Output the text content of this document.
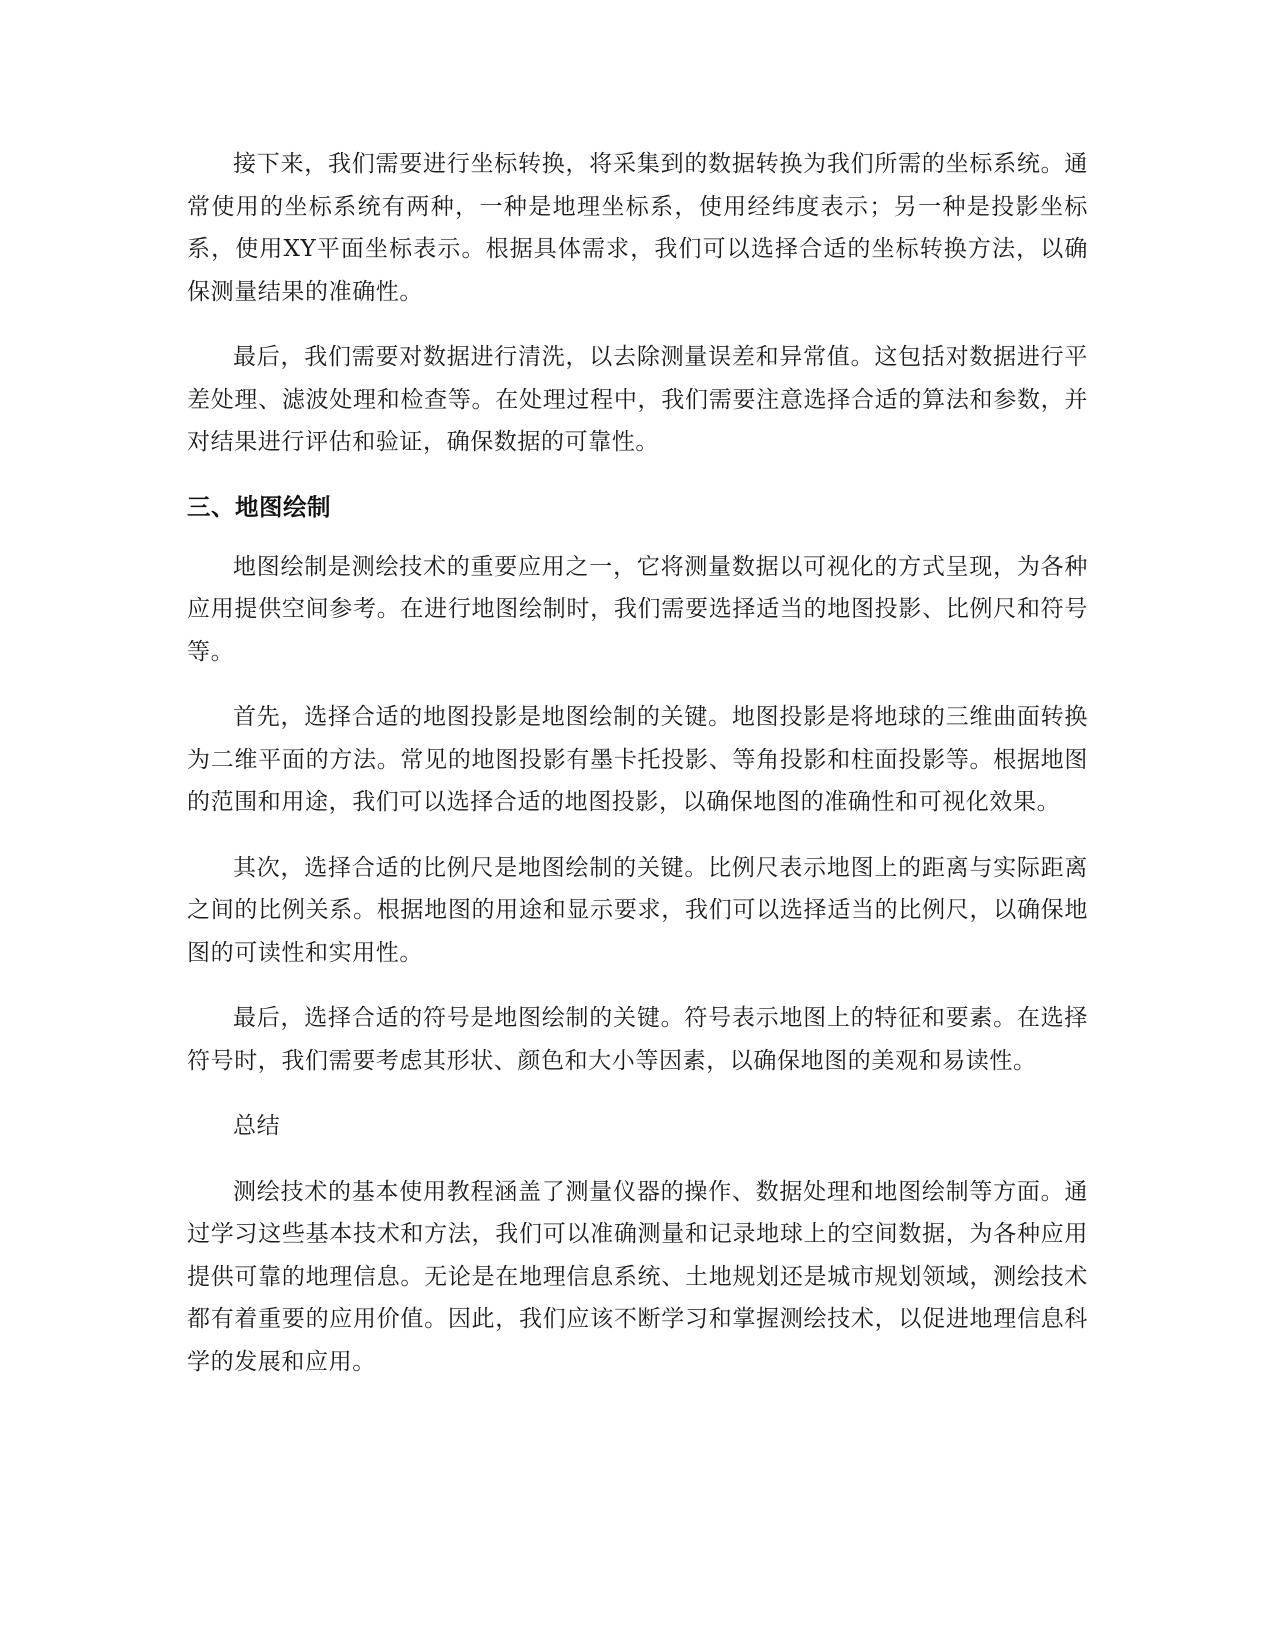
接下来，我们需要进行坐标转换，将采集到的数据转换为我们所需的坐标系统。通常使用的坐标系统有两种，一种是地理坐标系，使用经纬度表示；另一种是投影坐标系，使用XY平面坐标表示。根据具体需求，我们可以选择合适的坐标转换方法，以确保测量结果的准确性。

最后，我们需要对数据进行清洗，以去除测量误差和异常值。这包括对数据进行平差处理、滤波处理和检查等。在处理过程中，我们需要注意选择合适的算法和参数，并对结果进行评估和验证，确保数据的可靠性。

三、地图绘制

地图绘制是测绘技术的重要应用之一，它将测量数据以可视化的方式呈现，为各种应用提供空间参考。在进行地图绘制时，我们需要选择适当的地图投影、比例尺和符号等。

首先，选择合适的地图投影是地图绘制的关键。地图投影是将地球的三维曲面转换为二维平面的方法。常见的地图投影有墨卡托投影、等角投影和柱面投影等。根据地图的范围和用途，我们可以选择合适的地图投影，以确保地图的准确性和可视化效果。

其次，选择合适的比例尺是地图绘制的关键。比例尺表示地图上的距离与实际距离之间的比例关系。根据地图的用途和显示要求，我们可以选择适当的比例尺，以确保地图的可读性和实用性。

最后，选择合适的符号是地图绘制的关键。符号表示地图上的特征和要素。在选择符号时，我们需要考虑其形状、颜色和大小等因素，以确保地图的美观和易读性。

总结

测绘技术的基本使用教程涵盖了测量仪器的操作、数据处理和地图绘制等方面。通过学习这些基本技术和方法，我们可以准确测量和记录地球上的空间数据，为各种应用提供可靠的地理信息。无论是在地理信息系统、土地规划还是城市规划领域，测绘技术都有着重要的应用价值。因此，我们应该不断学习和掌握测绘技术，以促进地理信息科学的发展和应用。
